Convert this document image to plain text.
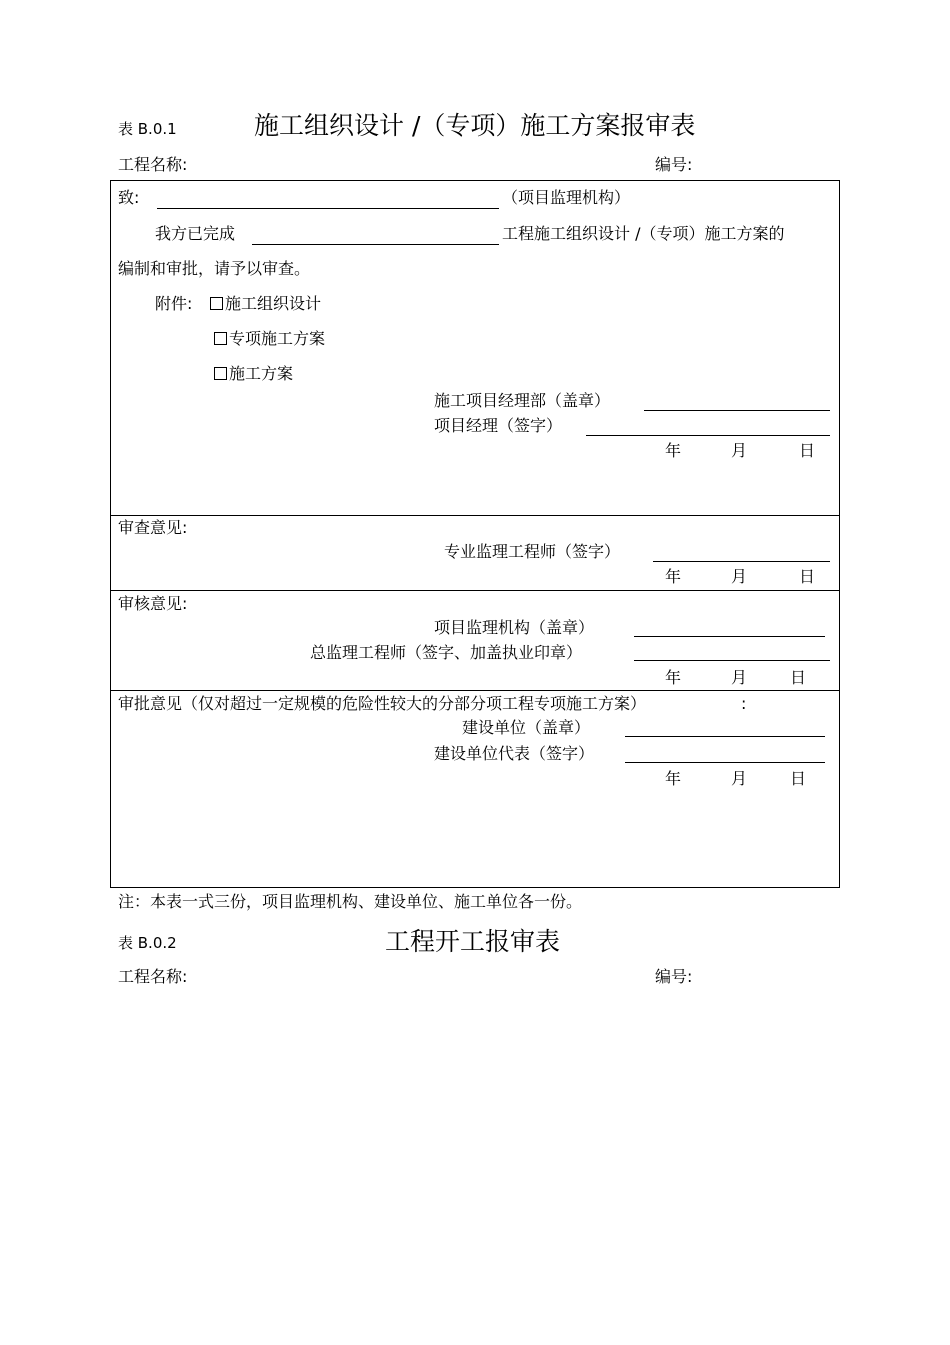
表 B.0.1	施工组织设计 /（专项）施工方案报审表
工程名称:	编号:
致:	（项目监理机构）
我方已完成	工程施工组织设计 /（专项）施工方案的
编制和审批，请予以审查。
附件:	施工组织设计
专项施工方案
施工方案
施工项目经理部（盖章）
项目经理（签字）
年	月	日
审查意见:
专业监理工程师（签字）
年	月	日
审核意见:
项目监理机构（盖章）
总监理工程师（签字、加盖执业印章）
年	月	日
审批意见（仅对超过一定规模的危险性较大的分部分项工程专项施工方案）	:
建设单位（盖章）
建设单位代表（签字）
年	月	日
注：本表一式三份，项目监理机构、建设单位、施工单位各一份。
表 B.0.2	工程开工报审表
工程名称:	编号:
